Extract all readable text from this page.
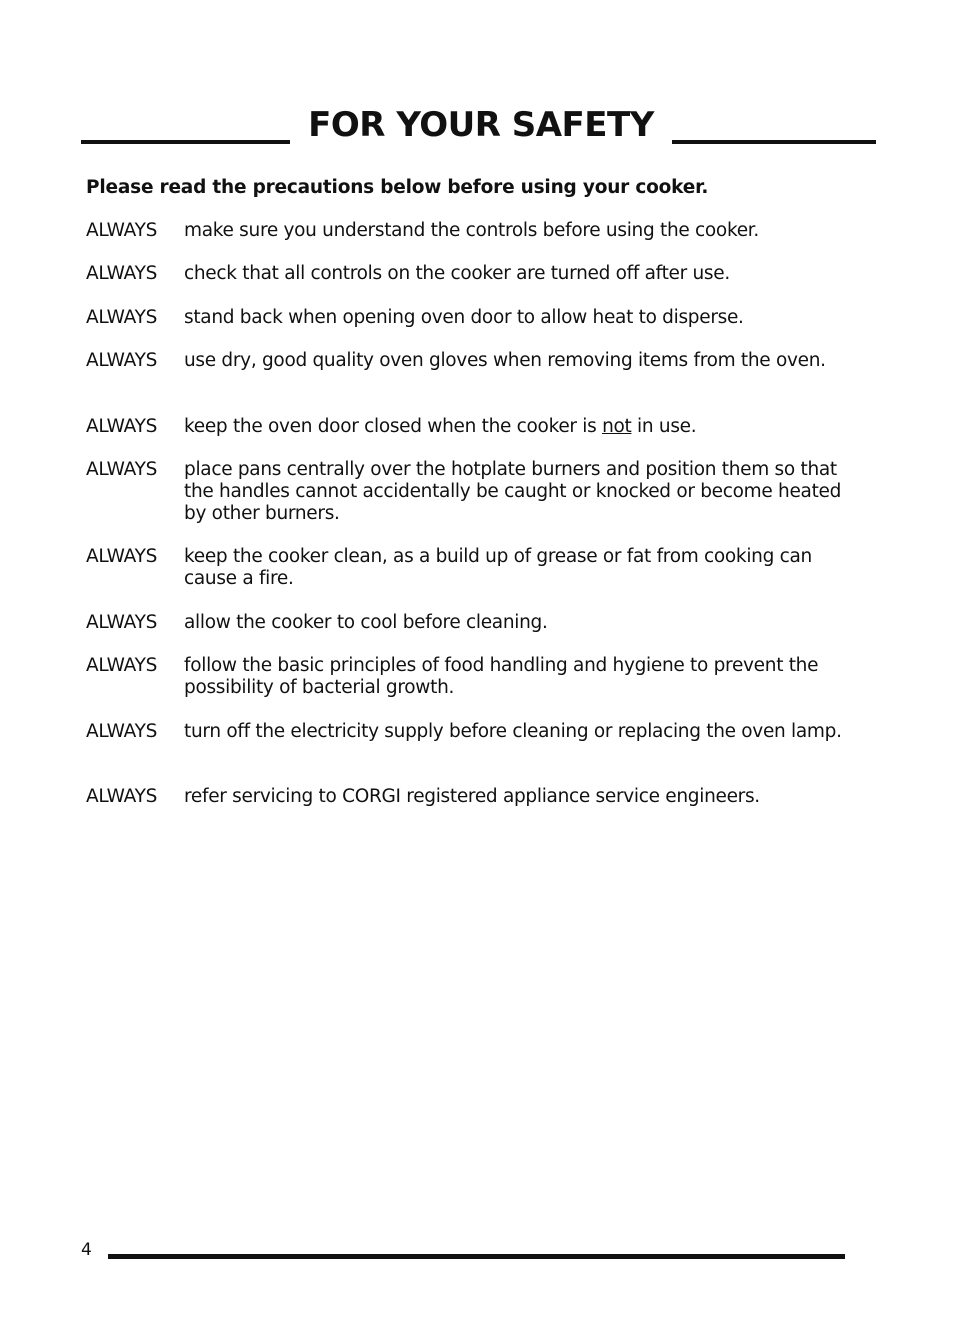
FOR YOUR SAFETY

Please read the precautions below before using your cooker.

ALWAYS make sure you understand the controls before using the cooker.
ALWAYS check that all controls on the cooker are turned off after use.
ALWAYS stand back when opening oven door to allow heat to disperse.
ALWAYS use dry, good quality oven gloves when removing items from the oven.
ALWAYS keep the oven door closed when the cooker is not in use.
ALWAYS place pans centrally over the hotplate burners and position them so that the handles cannot accidentally be caught or knocked or become heated by other burners.
ALWAYS keep the cooker clean, as a build up of grease or fat from cooking can cause a fire.
ALWAYS allow the cooker to cool before cleaning.
ALWAYS follow the basic principles of food handling and hygiene to prevent the possibility of bacterial growth.
ALWAYS turn off the electricity supply before cleaning or replacing the oven lamp.
ALWAYS refer servicing to CORGI registered appliance service engineers.
4
